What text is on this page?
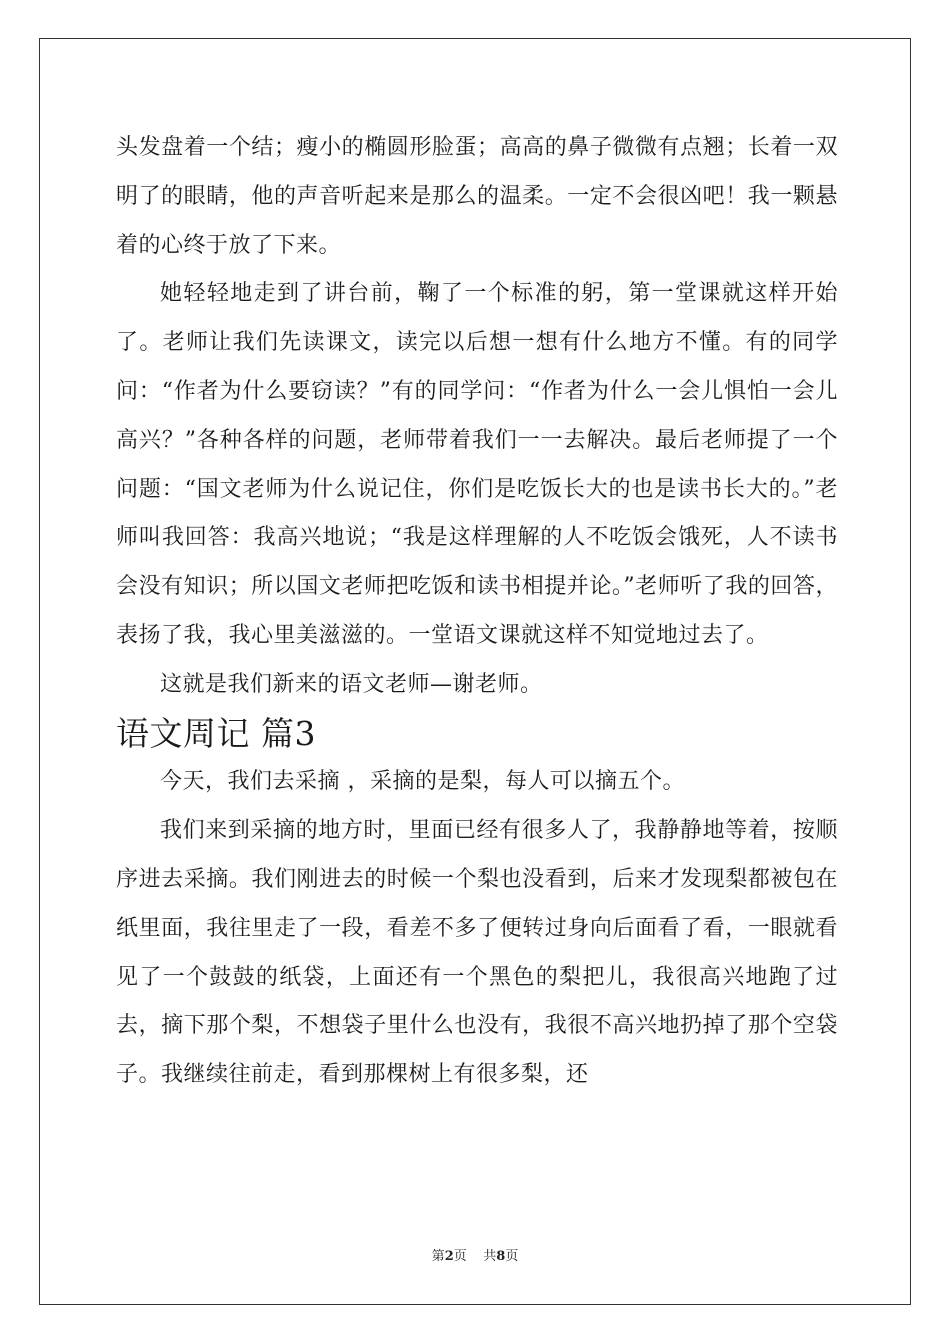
头发盘着一个结；瘦小的椭圆形脸蛋；高高的鼻子微微有点翘；长着一双明了的眼睛，他的声音听起来是那么的温柔。一定不会很凶吧！我一颗悬着的心终于放了下来。

她轻轻地走到了讲台前，鞠了一个标准的躬，第一堂课就这样开始了。老师让我们先读课文，读完以后想一想有什么地方不懂。有的同学问：“作者为什么要窃读？”有的同学问：“作者为什么一会儿惧怕一会儿高兴？”各种各样的问题，老师带着我们一一去解决。最后老师提了一个问题：“国文老师为什么说记住，你们是吃饭长大的也是读书长大的。”老师叫我回答：我高兴地说；“我是这样理解的人不吃饭会饿死，人不读书会没有知识；所以国文老师把吃饭和读书相提并论。”老师听了我的回答，表扬了我，我心里美滋滋的。一堂语文课就这样不知觉地过去了。

这就是我们新来的语文老师—谢老师。

语文周记 篇3

今天，我们去采摘 ，采摘的是梨，每人可以摘五个。

我们来到采摘的地方时，里面已经有很多人了，我静静地等着，按顺序进去采摘。我们刚进去的时候一个梨也没看到，后来才发现梨都被包在纸里面，我往里走了一段，看差不多了便转过身向后面看了看，一眼就看见了一个鼓鼓的纸袋，上面还有一个黑色的梨把儿，我很高兴地跑了过去，摘下那个梨，不想袋子里什么也没有，我很不高兴地扔掉了那个空袋子。我继续往前走，看到那棵树上有很多梨，还

第2页    共8页
